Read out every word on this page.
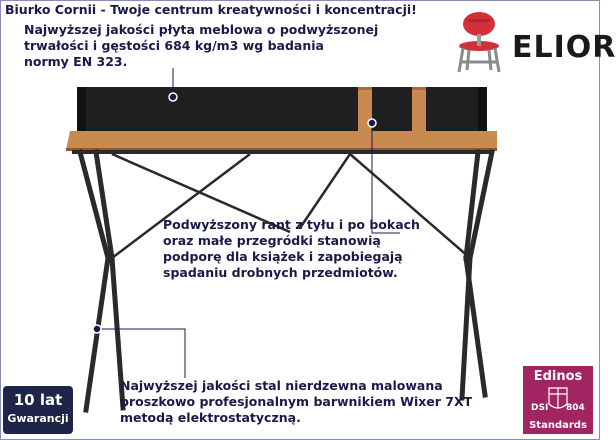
Biurko Cornii - Twoje centrum kreatywności i koncentracji!
ELIOR
Najwyższej jakości płyta meblowa o podwyższonej
trwałości i gęstości 684 kg/m3 wg badania
normy EN 323.
Podwyższony rant z tyłu i po bokach
oraz małe przegródki stanowią
podporę dla książek i zapobiegają
spadaniu drobnych przedmiotów.
Najwyższej jakości stal nierdzewna malowana
proszkowo profesjonalnym barwnikiem Wixer 7XT
metodą elektrostatyczną.
10 lat
Gwarancji
Edinos
DSI 804
Standards
